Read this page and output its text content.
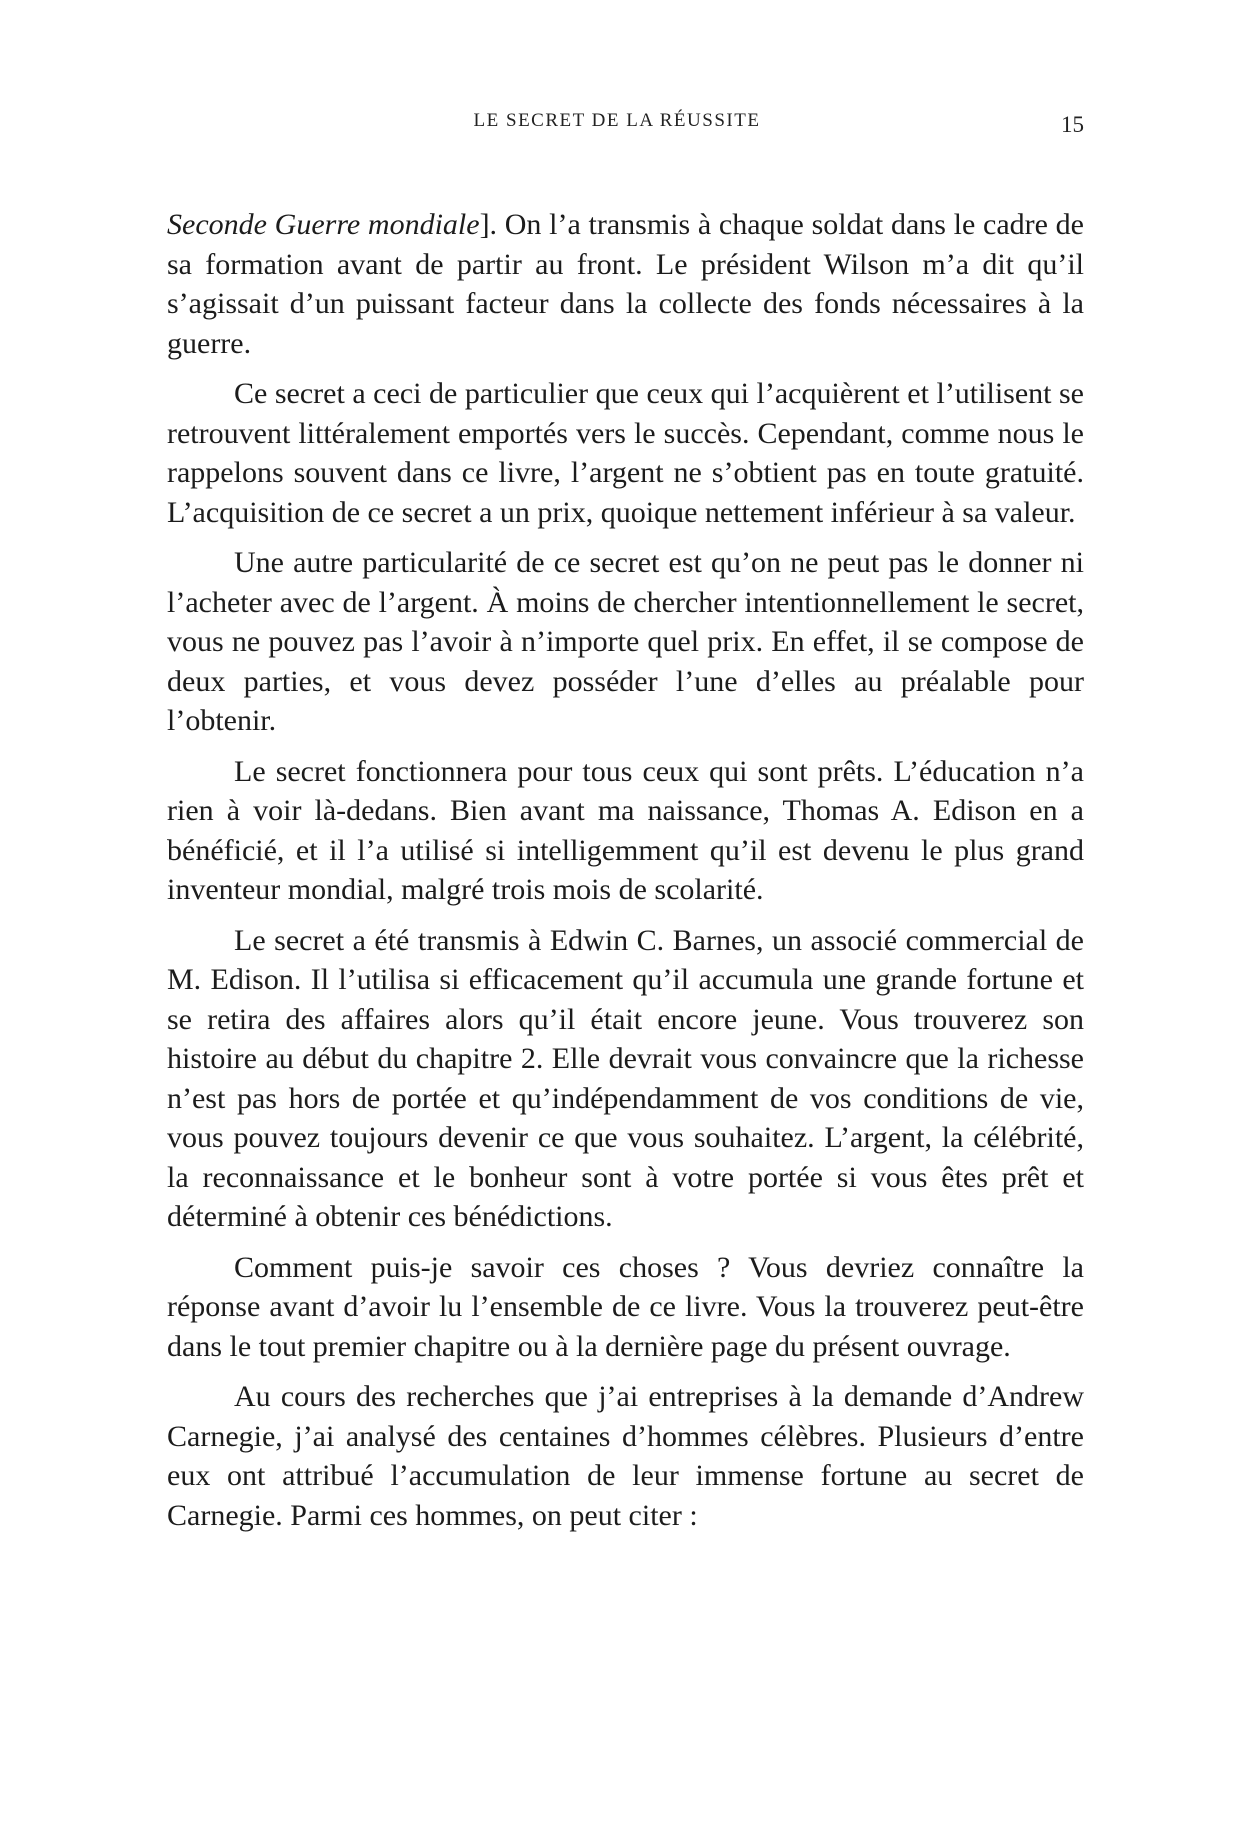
LE SECRET DE LA RÉUSSITE	15

Seconde Guerre mondiale]. On l’a transmis à chaque soldat dans le cadre de sa formation avant de partir au front. Le président Wilson m’a dit qu’il s’agissait d’un puissant facteur dans la collecte des fonds nécessaires à la guerre.

Ce secret a ceci de particulier que ceux qui l’acquièrent et l’utilisent se retrouvent littéralement emportés vers le succès. Cependant, comme nous le rappelons souvent dans ce livre, l’argent ne s’obtient pas en toute gratuité. L’acquisition de ce secret a un prix, quoique nettement inférieur à sa valeur.

Une autre particularité de ce secret est qu’on ne peut pas le donner ni l’acheter avec de l’argent. À moins de chercher intentionnellement le secret, vous ne pouvez pas l’avoir à n’importe quel prix. En effet, il se compose de deux parties, et vous devez posséder l’une d’elles au préalable pour l’obtenir.

Le secret fonctionnera pour tous ceux qui sont prêts. L’éducation n’a rien à voir là-dedans. Bien avant ma naissance, Thomas A. Edison en a bénéficié, et il l’a utilisé si intelligemment qu’il est devenu le plus grand inventeur mondial, malgré trois mois de scolarité.

Le secret a été transmis à Edwin C. Barnes, un associé commercial de M. Edison. Il l’utilisa si efficacement qu’il accumula une grande fortune et se retira des affaires alors qu’il était encore jeune. Vous trouverez son histoire au début du chapitre 2. Elle devrait vous convaincre que la richesse n’est pas hors de portée et qu’indépendamment de vos conditions de vie, vous pouvez toujours devenir ce que vous souhaitez. L’argent, la célébrité, la reconnaissance et le bonheur sont à votre portée si vous êtes prêt et déterminé à obtenir ces bénédictions.

Comment puis-je savoir ces choses ? Vous devriez connaître la réponse avant d’avoir lu l’ensemble de ce livre. Vous la trouverez peut-être dans le tout premier chapitre ou à la dernière page du présent ouvrage.

Au cours des recherches que j’ai entreprises à la demande d’Andrew Carnegie, j’ai analysé des centaines d’hommes célèbres. Plusieurs d’entre eux ont attribué l’accumulation de leur immense fortune au secret de Carnegie. Parmi ces hommes, on peut citer :
